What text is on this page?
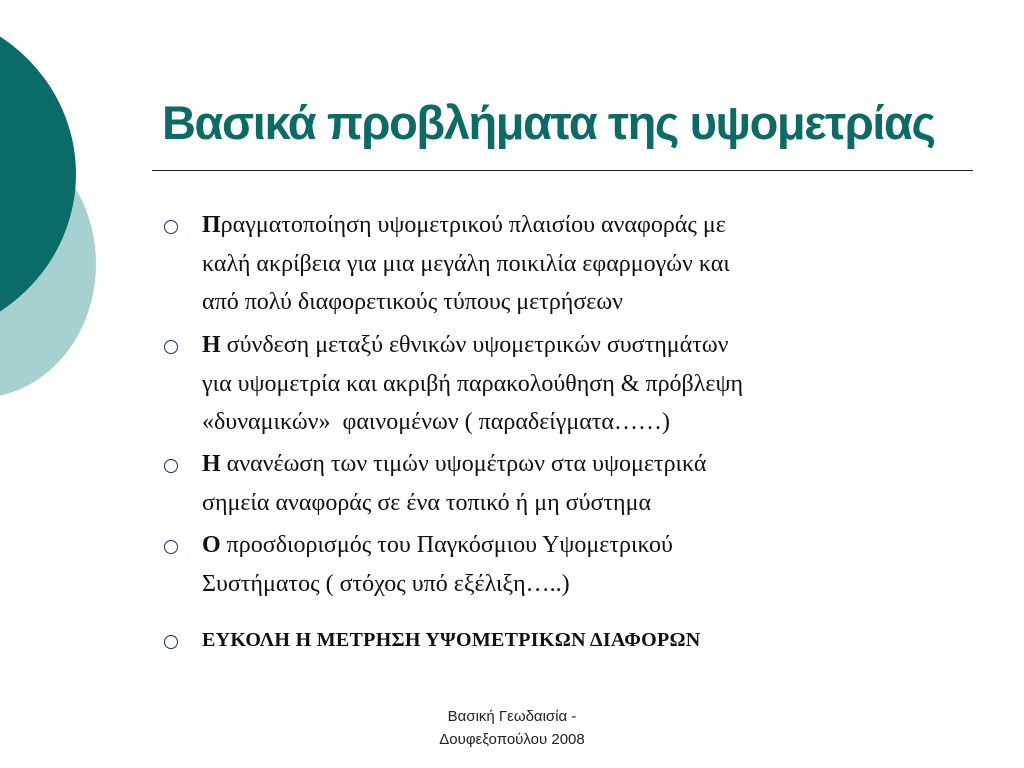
Βασικά προβλήματα της υψομετρίας
Πραγματοποίηση υψομετρικού πλαισίου αναφοράς με
καλή ακρίβεια για μια μεγάλη ποικιλία εφαρμογών και
από πολύ διαφορετικούς τύπους μετρήσεων
Η σύνδεση μεταξύ εθνικών υψομετρικών συστημάτων
για υψομετρία και ακριβή παρακολούθηση & πρόβλεψη
«δυναμικών»  φαινομένων ( παραδείγματα……)
Η ανανέωση των τιμών υψομέτρων στα υψομετρικά
σημεία αναφοράς σε ένα τοπικό ή μη σύστημα
Ο προσδιορισμός του Παγκόσμιου Υψομετρικού
Συστήματος ( στόχος υπό εξέλιξη…..)
ΕΥΚΟΛΗ Η ΜΕΤΡΗΣΗ ΥΨΟΜΕΤΡΙΚΩΝ ΔΙΑΦΟΡΩΝ
Βασική Γεωδαισία -
Δουφεξοπούλου 2008
